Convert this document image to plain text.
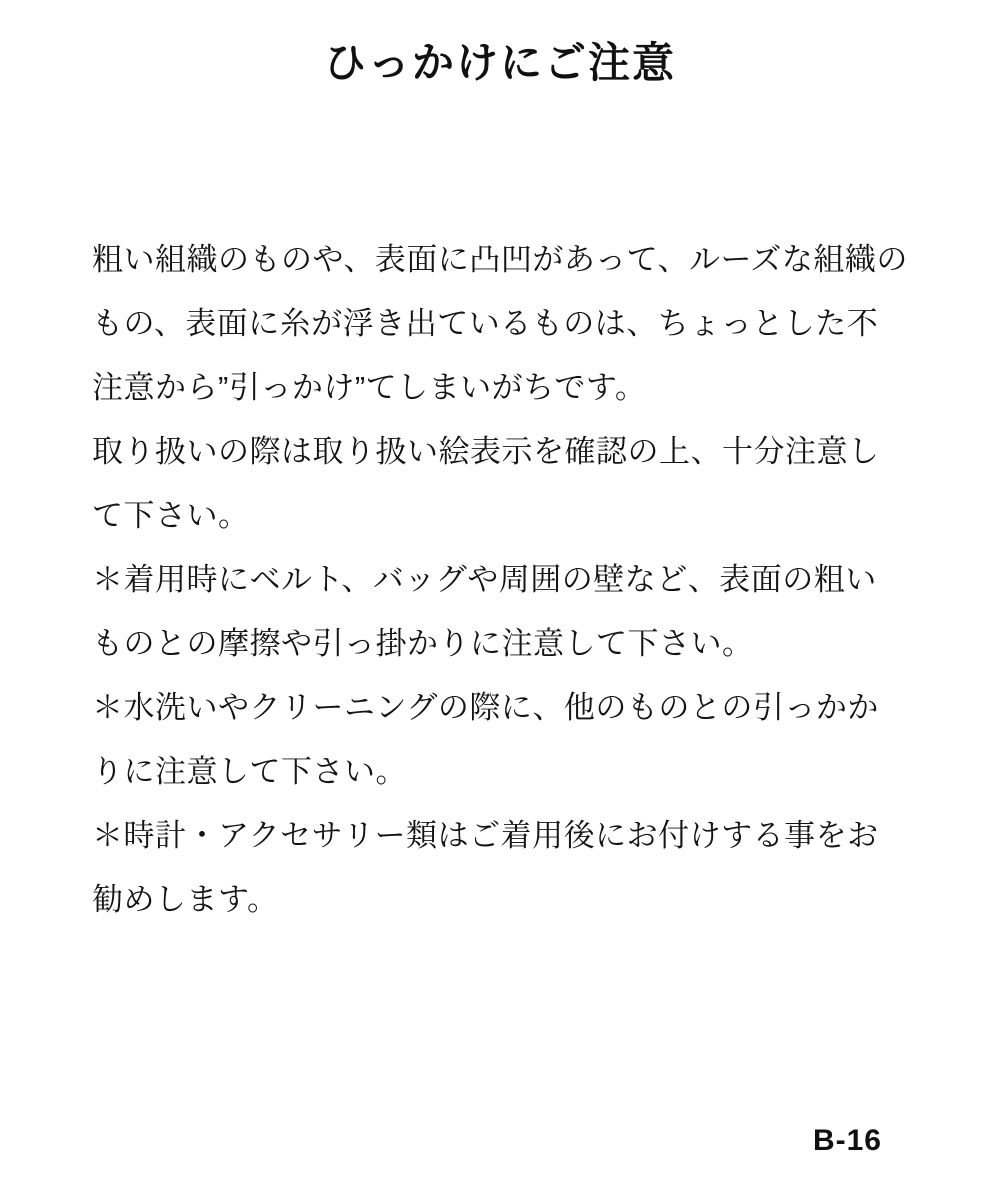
ひっかけにご注意

粗い組織のものや、表面に凸凹があって、ルーズな組織のもの、表面に糸が浮き出ているものは、ちょっとした不注意から”引っかけ”てしまいがちです。

取り扱いの際は取り扱い絵表示を確認の上、十分注意して下さい。

＊着用時にベルト、バッグや周囲の壁など、表面の粗いものとの摩擦や引っ掛かりに注意して下さい。

＊水洗いやクリーニングの際に、他のものとの引っかかりに注意して下さい。

＊時計・アクセサリー類はご着用後にお付けする事をお勧めします。

B-16
